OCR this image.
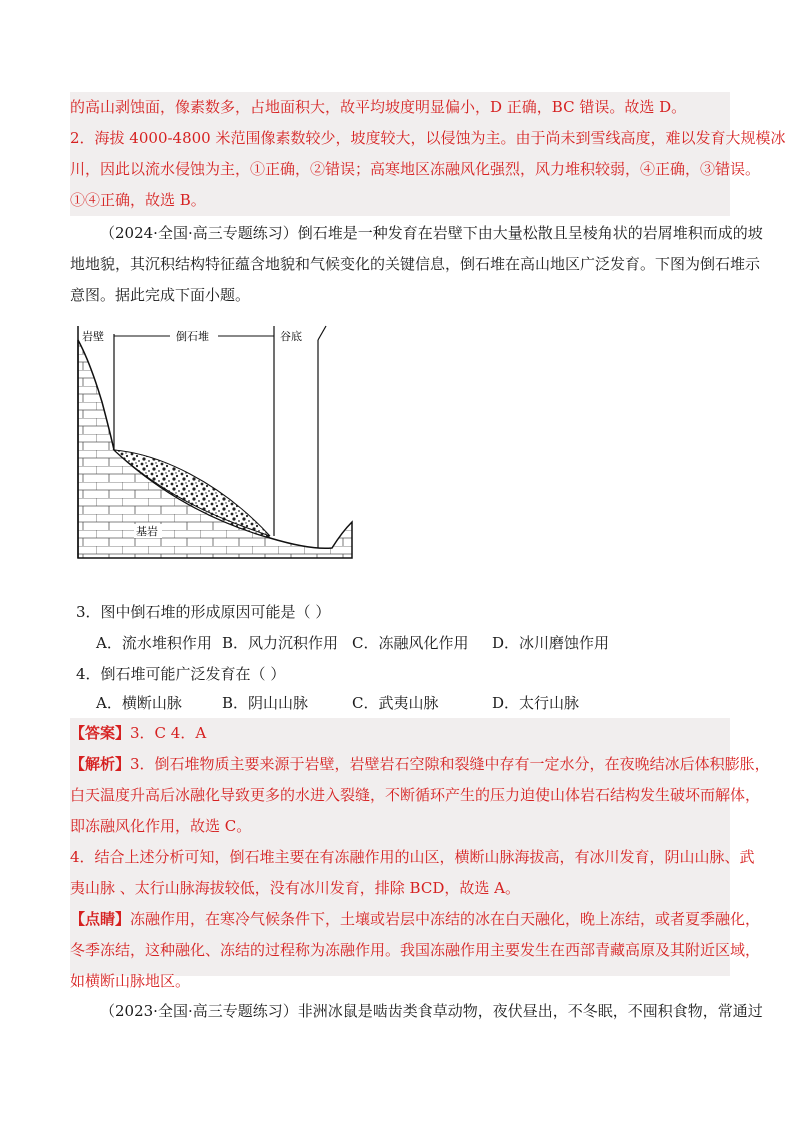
的高山剥蚀面，像素数多，占地面积大，故平均坡度明显偏小，D 正确，BC 错误。故选 D。
2．海拔 4000-4800 米范围像素数较少，坡度较大，以侵蚀为主。由于尚未到雪线高度，难以发育大规模冰
川，因此以流水侵蚀为主，①正确，②错误；高寒地区冻融风化强烈，风力堆积较弱，④正确，③错误。
①④正确，故选 B。
（2024·全国·高三专题练习）倒石堆是一种发育在岩壁下由大量松散且呈棱角状的岩屑堆积而成的坡
地地貌，其沉积结构特征蕴含地貌和气候变化的关键信息，倒石堆在高山地区广泛发育。下图为倒石堆示
意图。据此完成下面小题。
岩壁	倒石堆	谷底
基岩
3．图中倒石堆的形成原因可能是（ ）
A．流水堆积作用 B．风力沉积作用 C．冻融风化作用 D．冰川磨蚀作用
4．倒石堆可能广泛发育在（ ）
A．横断山脉	B．阴山山脉	C．武夷山脉	D．太行山脉
【答案】3．C 4．A
【解析】3．倒石堆物质主要来源于岩壁，岩壁岩石空隙和裂缝中存有一定水分，在夜晚结冰后体积膨胀，
白天温度升高后冰融化导致更多的水进入裂缝，不断循环产生的压力迫使山体岩石结构发生破坏而解体，
即冻融风化作用，故选 C。
4．结合上述分析可知，倒石堆主要在有冻融作用的山区，横断山脉海拔高，有冰川发育，阴山山脉、武
夷山脉 、太行山脉海拔较低，没有冰川发育，排除 BCD，故选 A。
【点睛】冻融作用，在寒冷气候条件下，土壤或岩层中冻结的冰在白天融化，晚上冻结，或者夏季融化，
冬季冻结，这种融化、冻结的过程称为冻融作用。我国冻融作用主要发生在西部青藏高原及其附近区域，
如横断山脉地区。
（2023·全国·高三专题练习）非洲冰鼠是啮齿类食草动物，夜伏昼出，不冬眠，不囤积食物，常通过
